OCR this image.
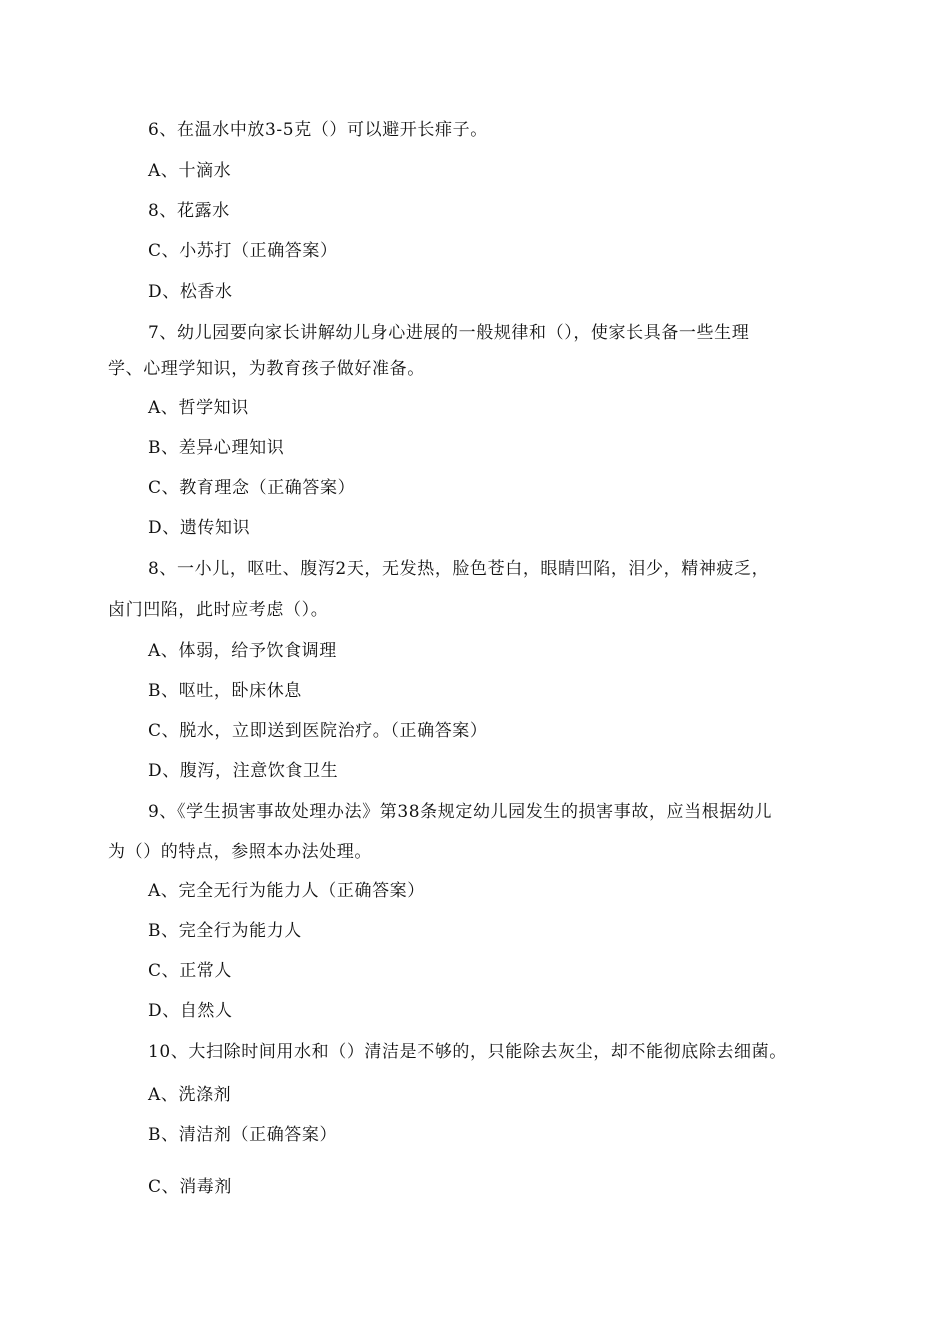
6、在温水中放3-5克（）可以避开长痱子。
A、十滴水
8、花露水
C、小苏打（正确答案）
D、松香水
7、幼儿园要向家长讲解幼儿身心进展的一般规律和（），使家长具备一些生理
学、心理学知识，为教育孩子做好准备。
A、哲学知识
B、差异心理知识
C、教育理念（正确答案）
D、遗传知识
8、一小儿，呕吐、腹泻2天，无发热，脸色苍白，眼睛凹陷，泪少，精神疲乏，
卤门凹陷，此时应考虑（）。
A、体弱，给予饮食调理
B、呕吐，卧床休息
C、脱水，立即送到医院治疗。（正确答案）
D、腹泻，注意饮食卫生
9、《学生损害事故处理办法》第38条规定幼儿园发生的损害事故，应当根据幼儿
为（）的特点，参照本办法处理。
A、完全无行为能力人（正确答案）
B、完全行为能力人
C、正常人
D、自然人
10、大扫除时间用水和（）清洁是不够的，只能除去灰尘，却不能彻底除去细菌。
A、洗涤剂
B、清洁剂（正确答案）
C、消毒剂
